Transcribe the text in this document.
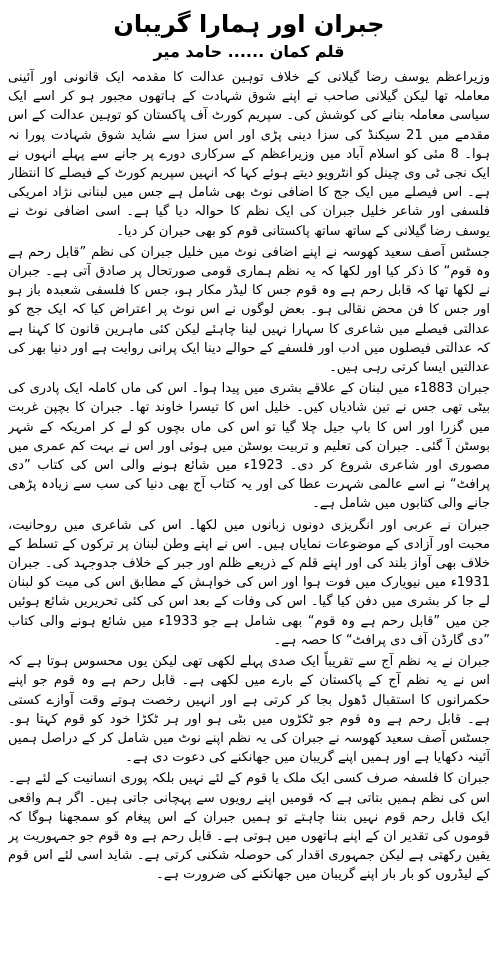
جبران اور ہمارا گریبان
قلم کمان ...... حامد میر

وزیراعظم یوسف رضا گیلانی کے خلاف توہین عدالت کا مقدمہ ایک قانونی اور آئینی معاملہ تھا لیکن گیلانی صاحب نے اپنے شوق شہادت کے ہاتھوں مجبور ہو کر اسے ایک سیاسی معاملہ بنانے کی کوشش کی۔ سپریم کورٹ آف پاکستان کو توہین عدالت کے اس مقدمے میں 21 سیکنڈ کی سزا دینی پڑی اور اس سزا سے شاید شوق شہادت پورا نہ ہوا۔ 8 مئی کو اسلام آباد میں وزیراعظم کے سرکاری دورے پر جانے سے پہلے انہوں نے ایک نجی ٹی وی چینل کو انٹرویو دیتے ہوئے کہا کہ انہیں سپریم کورٹ کے فیصلے کا انتظار ہے۔ اس فیصلے میں ایک جج کا اضافی نوٹ بھی شامل ہے جس میں لبنانی نژاد امریکی فلسفی اور شاعر خلیل جبران کی ایک نظم کا حوالہ دیا گیا ہے۔ اسی اضافی نوٹ نے یوسف رضا گیلانی کے ساتھ ساتھ پاکستانی قوم کو بھی حیران کر دیا۔

جسٹس آصف سعید کھوسہ نے اپنے اضافی نوٹ میں خلیل جبران کی نظم ”قابل رحم ہے وہ قوم“ کا ذکر کیا اور لکھا کہ یہ نظم ہماری قومی صورتحال پر صادق آتی ہے۔ جبران نے لکھا تھا کہ قابل رحم ہے وہ قوم جس کا لیڈر مکار ہو، جس کا فلسفی شعبدہ باز ہو اور جس کا فن محض نقالی ہو۔ بعض لوگوں نے اس نوٹ پر اعتراض کیا کہ ایک جج کو عدالتی فیصلے میں شاعری کا سہارا نہیں لینا چاہئے لیکن کئی ماہرین قانون کا کہنا ہے کہ عدالتی فیصلوں میں ادب اور فلسفے کے حوالے دینا ایک پرانی روایت ہے اور دنیا بھر کی عدالتیں ایسا کرتی رہی ہیں۔

جبران 1883ء میں لبنان کے علاقے بشری میں پیدا ہوا۔ اس کی ماں کاملہ ایک پادری کی بیٹی تھی جس نے تین شادیاں کیں۔ خلیل اس کا تیسرا خاوند تھا۔ جبران کا بچپن غربت میں گزرا اور اس کا باپ جیل چلا گیا تو اس کی ماں بچوں کو لے کر امریکہ کے شہر بوسٹن آ گئی۔ جبران کی تعلیم و تربیت بوسٹن میں ہوئی اور اس نے بہت کم عمری میں مصوری اور شاعری شروع کر دی۔ 1923ء میں شائع ہونے والی اس کی کتاب ”دی پرافٹ“ نے اسے عالمی شہرت عطا کی اور یہ کتاب آج بھی دنیا کی سب سے زیادہ پڑھی جانے والی کتابوں میں شامل ہے۔

جبران نے عربی اور انگریزی دونوں زبانوں میں لکھا۔ اس کی شاعری میں روحانیت، محبت اور آزادی کے موضوعات نمایاں ہیں۔ اس نے اپنے وطن لبنان پر ترکوں کے تسلط کے خلاف بھی آواز بلند کی اور اپنے قلم کے ذریعے ظلم اور جبر کے خلاف جدوجہد کی۔ جبران 1931ء میں نیویارک میں فوت ہوا اور اس کی خواہش کے مطابق اس کی میت کو لبنان لے جا کر بشری میں دفن کیا گیا۔ اس کی وفات کے بعد اس کی کئی تحریریں شائع ہوئیں جن میں ”قابل رحم ہے وہ قوم“ بھی شامل ہے جو 1933ء میں شائع ہونے والی کتاب ”دی گارڈن آف دی پرافٹ“ کا حصہ ہے۔

جبران نے یہ نظم آج سے تقریباً ایک صدی پہلے لکھی تھی لیکن یوں محسوس ہوتا ہے کہ اس نے یہ نظم آج کے پاکستان کے بارے میں لکھی ہے۔ قابل رحم ہے وہ قوم جو اپنے حکمرانوں کا استقبال ڈھول بجا کر کرتی ہے اور انہیں رخصت ہوتے وقت آوازے کستی ہے۔ قابل رحم ہے وہ قوم جو ٹکڑوں میں بٹی ہو اور ہر ٹکڑا خود کو قوم کہتا ہو۔ جسٹس آصف سعید کھوسہ نے جبران کی یہ نظم اپنے نوٹ میں شامل کر کے دراصل ہمیں آئینہ دکھایا ہے اور ہمیں اپنے گریبان میں جھانکنے کی دعوت دی ہے۔

جبران کا فلسفہ صرف کسی ایک ملک یا قوم کے لئے نہیں بلکہ پوری انسانیت کے لئے ہے۔ اس کی نظم ہمیں بتاتی ہے کہ قومیں اپنے رویوں سے پہچانی جاتی ہیں۔ اگر ہم واقعی ایک قابل رحم قوم نہیں بننا چاہتے تو ہمیں جبران کے اس پیغام کو سمجھنا ہوگا کہ قوموں کی تقدیر ان کے اپنے ہاتھوں میں ہوتی ہے۔ قابل رحم ہے وہ قوم جو جمہوریت پر یقین رکھتی ہے لیکن جمہوری اقدار کی حوصلہ شکنی کرتی ہے۔ شاید اسی لئے اس قوم کے لیڈروں کو بار بار اپنے گریبان میں جھانکنے کی ضرورت ہے۔
